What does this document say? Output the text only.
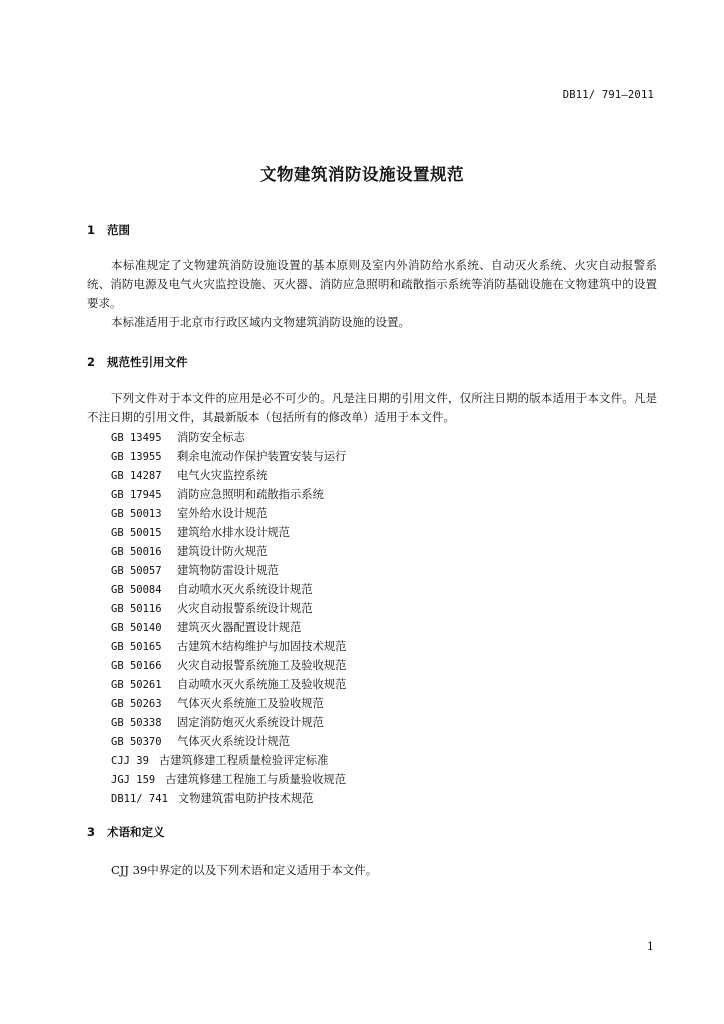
DB11/ 791—2011
文物建筑消防设施设置规范
1 范围

本标准规定了文物建筑消防设施设置的基本原则及室内外消防给水系统、自动灭火系统、火灾自动报警系统、消防电源及电气火灾监控设施、灭火器、消防应急照明和疏散指示系统等消防基础设施在文物建筑中的设置要求。

本标准适用于北京市行政区域内文物建筑消防设施的设置。

2 规范性引用文件

下列文件对于本文件的应用是必不可少的。凡是注日期的引用文件，仅所注日期的版本适用于本文件。凡是不注日期的引用文件，其最新版本（包括所有的修改单）适用于本文件。

GB 13495 消防安全标志
GB 13955 剩余电流动作保护装置安装与运行
GB 14287 电气火灾监控系统
GB 17945 消防应急照明和疏散指示系统
GB 50013 室外给水设计规范
GB 50015 建筑给水排水设计规范
GB 50016 建筑设计防火规范
GB 50057 建筑物防雷设计规范
GB 50084 自动喷水灭火系统设计规范
GB 50116 火灾自动报警系统设计规范
GB 50140 建筑灭火器配置设计规范
GB 50165 古建筑木结构维护与加固技术规范
GB 50166 火灾自动报警系统施工及验收规范
GB 50261 自动喷水灭火系统施工及验收规范
GB 50263 气体灭火系统施工及验收规范
GB 50338 固定消防炮灭火系统设计规范
GB 50370 气体灭火系统设计规范
CJJ 39 古建筑修建工程质量检验评定标准
JGJ 159 古建筑修建工程施工与质量验收规范
DB11/ 741 文物建筑雷电防护技术规范
3 术语和定义

CJJ 39中界定的以及下列术语和定义适用于本文件。

1
